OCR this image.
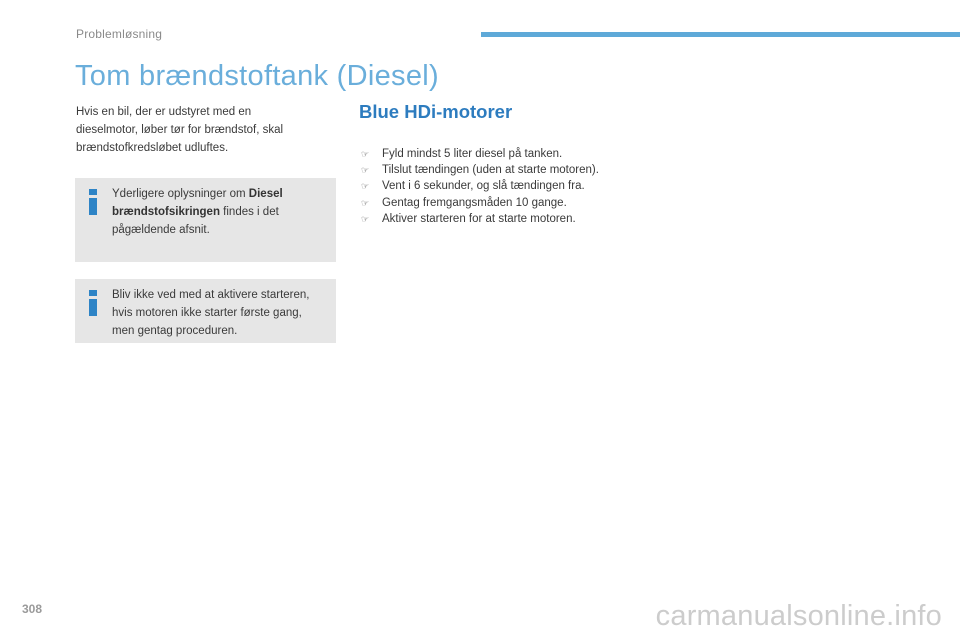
Problemløsning
Tom brændstoftank (Diesel)

Hvis en bil, der er udstyret med en dieselmotor, løber tør for brændstof, skal brændstofkredsløbet udluftes.

Yderligere oplysninger om Diesel brændstofsikringen findes i det pågældende afsnit.

Bliv ikke ved med at aktivere starteren, hvis motoren ikke starter første gang, men gentag proceduren.

Blue HDi-motorer
☞ Fyld mindst 5 liter diesel på tanken.
☞ Tilslut tændingen (uden at starte motoren).
☞ Vent i 6 sekunder, og slå tændingen fra.
☞ Gentag fremgangsmåden 10 gange.
☞ Aktiver starteren for at starte motoren.
308	carmanualsonline.info
